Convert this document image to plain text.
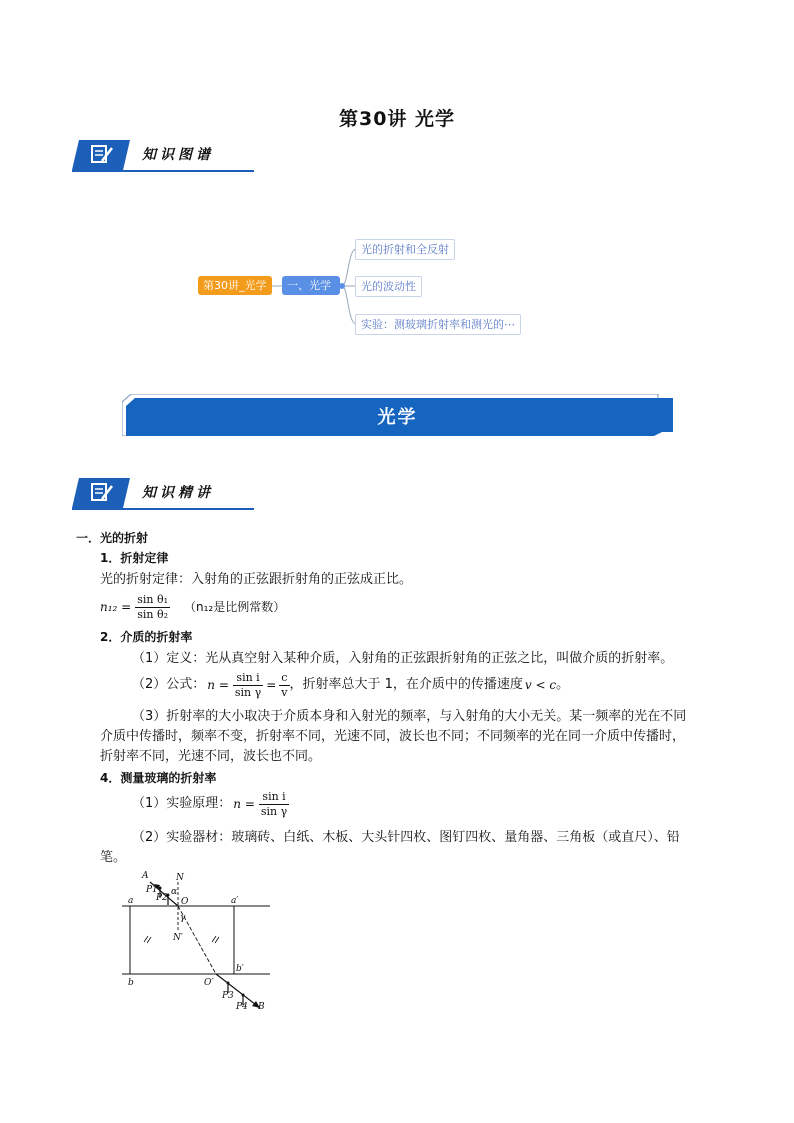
第30讲 光学
知识图谱
第30讲_光学	一、光学
光的折射和全反射
光的波动性
实验：测玻璃折射率和测光的⋯
光学
知识精讲
一．光的折射
1．折射定律
光的折射定律：入射角的正弦跟折射角的正弦成正比。
$n_{12} = \frac{\text{sin θ₁}}{\text{sin θ₂}} (n_{12}$是比例常数）
2．介质的折射率
（1）定义：光从真空射入某种介质，入射角的正弦跟折射角的正弦之比，叫做介质的折射率。
（2）公式： $n = \frac{\text{sin i}}{\text{sin γ}} = \frac{c}{v}$ ，折射率总大于 1，在介质中的传播速度 v < c 。
（3）折射率的大小取决于介质本身和入射光的频率，与入射角的大小无关。某一频率的光在不同
介质中传播时，频率不变，折射率不同，光速不同，波长也不同；不同频率的光在同一介质中传播时，
折射率不同，光速不同，波长也不同。
4．测量玻璃的折射率
（1）实验原理： $n = \frac{\text{sin i}}{\text{sin γ}}$
（2）实验器材：玻璃砖、白纸、木板、大头针四枚、图钉四枚、量角器、三角板（或直尺）、铅
笔。
A	N
a	O	a′
P1
P2
α
N′
γ
b
b′
O′
P3
P4 B
